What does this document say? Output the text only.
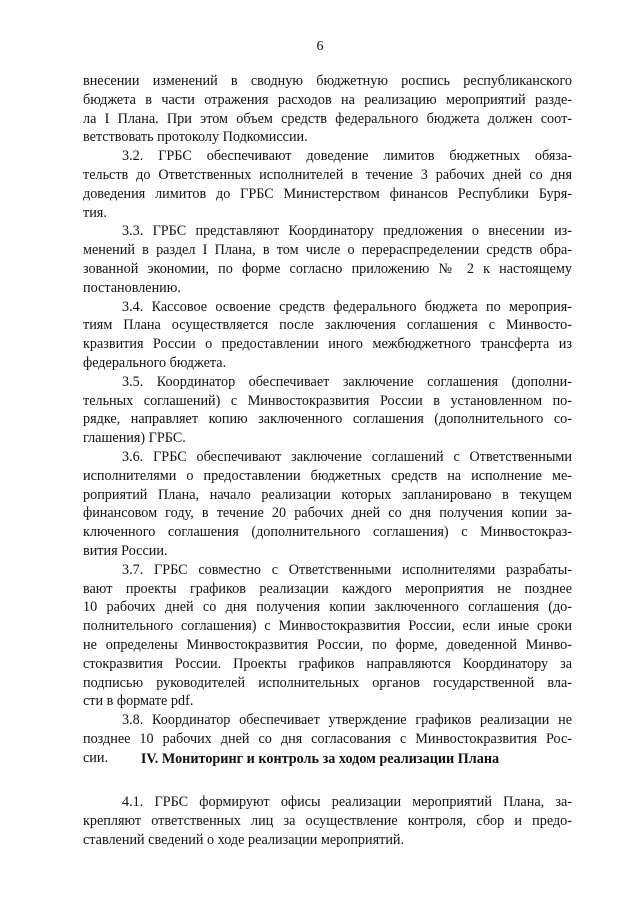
6
внесении изменений в сводную бюджетную роспись республиканского
бюджета в части отражения расходов на реализацию мероприятий разде-
ла I Плана. При этом объем средств федерального бюджета должен соот-
ветствовать протоколу Подкомиссии.
3.2. ГРБС обеспечивают доведение лимитов бюджетных обяза-
тельств до Ответственных исполнителей в течение 3 рабочих дней со дня
доведения лимитов до ГРБС Министерством финансов Республики Буря-
тия.
3.3. ГРБС представляют Координатору предложения о внесении из-
менений в раздел I Плана, в том числе о перераспределении средств обра-
зованной экономии, по форме согласно приложению № 2 к настоящему
постановлению.
3.4. Кассовое освоение средств федерального бюджета по мероприя-
тиям Плана осуществляется после заключения соглашения с Минвосто-
кразвития России о предоставлении иного межбюджетного трансферта из
федерального бюджета.
3.5. Координатор обеспечивает заключение соглашения (дополни-
тельных соглашений) с Минвостокразвития России в установленном по-
рядке, направляет копию заключенного соглашения (дополнительного со-
глашения) ГРБС.
3.6. ГРБС обеспечивают заключение соглашений с Ответственными
исполнителями о предоставлении бюджетных средств на исполнение ме-
роприятий Плана, начало реализации которых запланировано в текущем
финансовом году, в течение 20 рабочих дней со дня получения копии за-
ключенного соглашения (дополнительного соглашения) с Минвостокраз-
вития России.
3.7. ГРБС совместно с Ответственными исполнителями разрабаты-
вают проекты графиков реализации каждого мероприятия не позднее
10 рабочих дней со дня получения копии заключенного соглашения (до-
полнительного соглашения) с Минвостокразвития России, если иные сроки
не определены Минвостокразвития России, по форме, доведенной Минво-
стокразвития России. Проекты графиков направляются Координатору за
подписью руководителей исполнительных органов государственной вла-
сти в формате pdf.
3.8. Координатор обеспечивает утверждение графиков реализации не
позднее 10 рабочих дней со дня согласования с Минвостокразвития Рос-
сии.	IV. Мониторинг и контроль за ходом реализации Плана
4.1. ГРБС формируют офисы реализации мероприятий Плана, за-
крепляют ответственных лиц за осуществление контроля, сбор и предо-
ставлений сведений о ходе реализации мероприятий.
